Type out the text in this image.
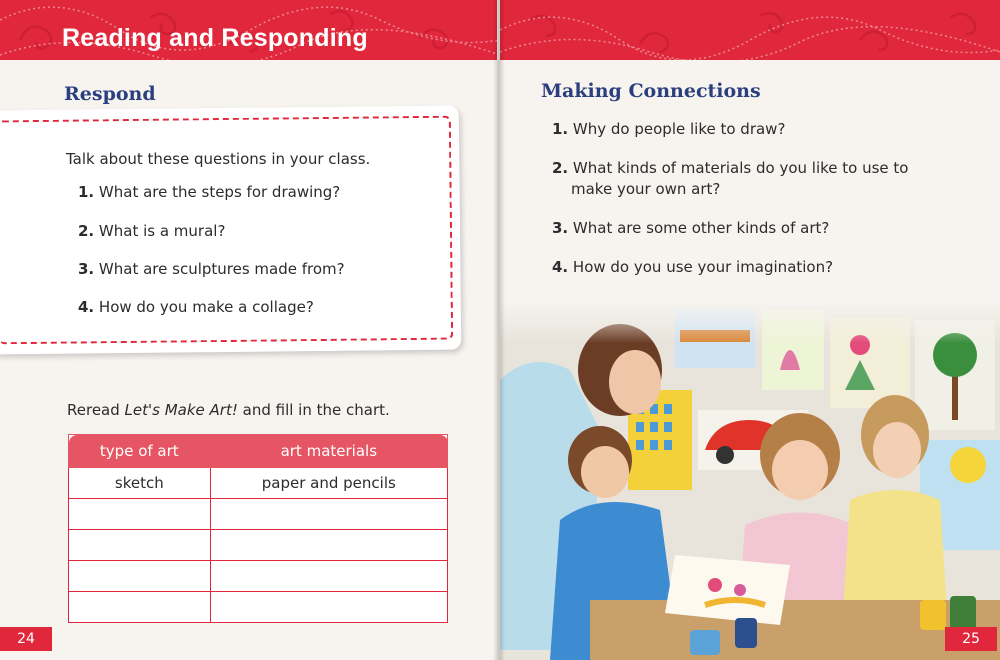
Reading and Responding
Respond
Talk about these questions in your class.
1. What are the steps for drawing?
2. What is a mural?
3. What are sculptures made from?
4. How do you make a collage?
Reread Let's Make Art! and fill in the chart.
type of art	art materials
sketch	paper and pencils

24
Making Connections
1. Why do people like to draw?
2. What kinds of materials do you like to use to
make your own art?
3. What are some other kinds of art?
4. How do you use your imagination?
25
